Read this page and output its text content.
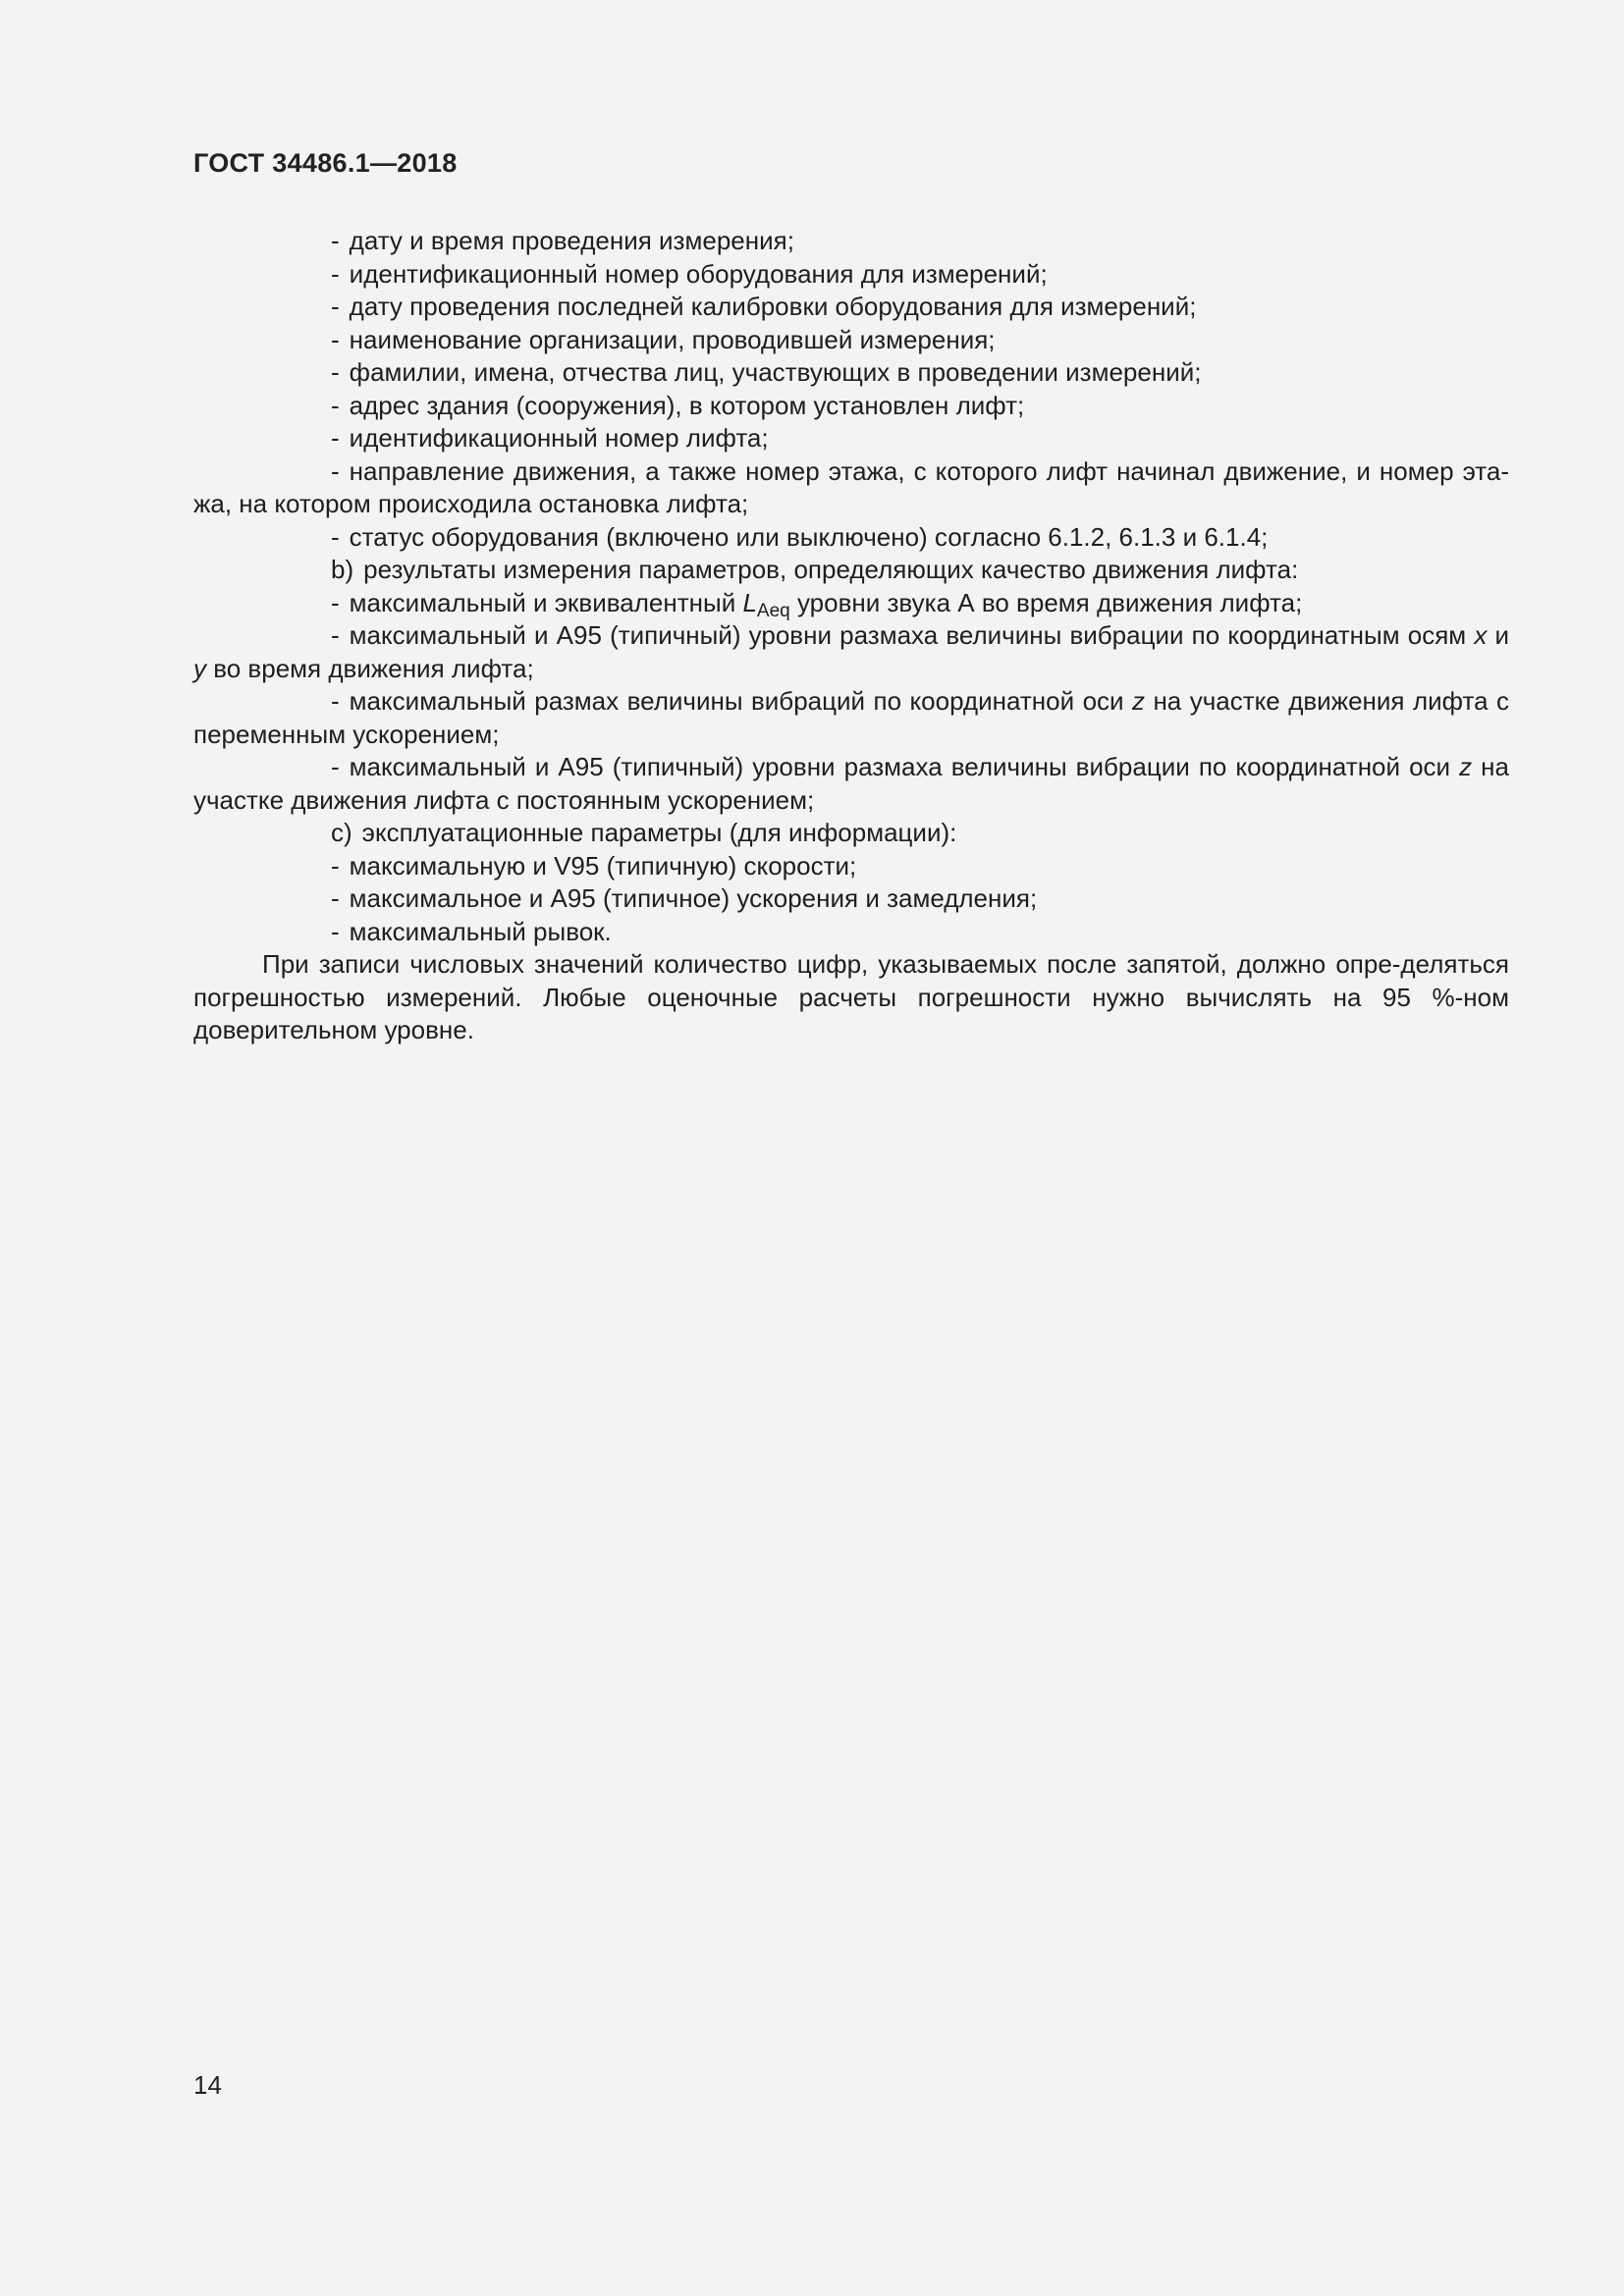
ГОСТ 34486.1—2018

- дату и время проведения измерения;

- идентификационный номер оборудования для измерений;

- дату проведения последней калибровки оборудования для измерений;

- наименование организации, проводившей измерения;

- фамилии, имена, отчества лиц, участвующих в проведении измерений;

- адрес здания (сооружения), в котором установлен лифт;

- идентификационный номер лифта;

- направление движения, а также номер этажа, с которого лифт начинал движение, и номер эта-жа, на котором происходила остановка лифта;

- статус оборудования (включено или выключено) согласно 6.1.2, 6.1.3 и 6.1.4;

b) результаты измерения параметров, определяющих качество движения лифта:

- максимальный и эквивалентный $L_{Aeq}$ уровни звука А во время движения лифта;

- максимальный и А95 (типичный) уровни размаха величины вибрации по координатным осям x и y во время движения лифта;

- максимальный размах величины вибраций по координатной оси z на участке движения лифта с переменным ускорением;

- максимальный и А95 (типичный) уровни размаха величины вибрации по координатной оси z на участке движения лифта с постоянным ускорением;

c) эксплуатационные параметры (для информации):

- максимальную и V95 (типичную) скорости;

- максимальное и А95 (типичное) ускорения и замедления;

- максимальный рывок.

При записи числовых значений количество цифр, указываемых после запятой, должно опре-деляться погрешностью измерений. Любые оценочные расчеты погрешности нужно вычислять на 95 %-ном доверительном уровне.

14
